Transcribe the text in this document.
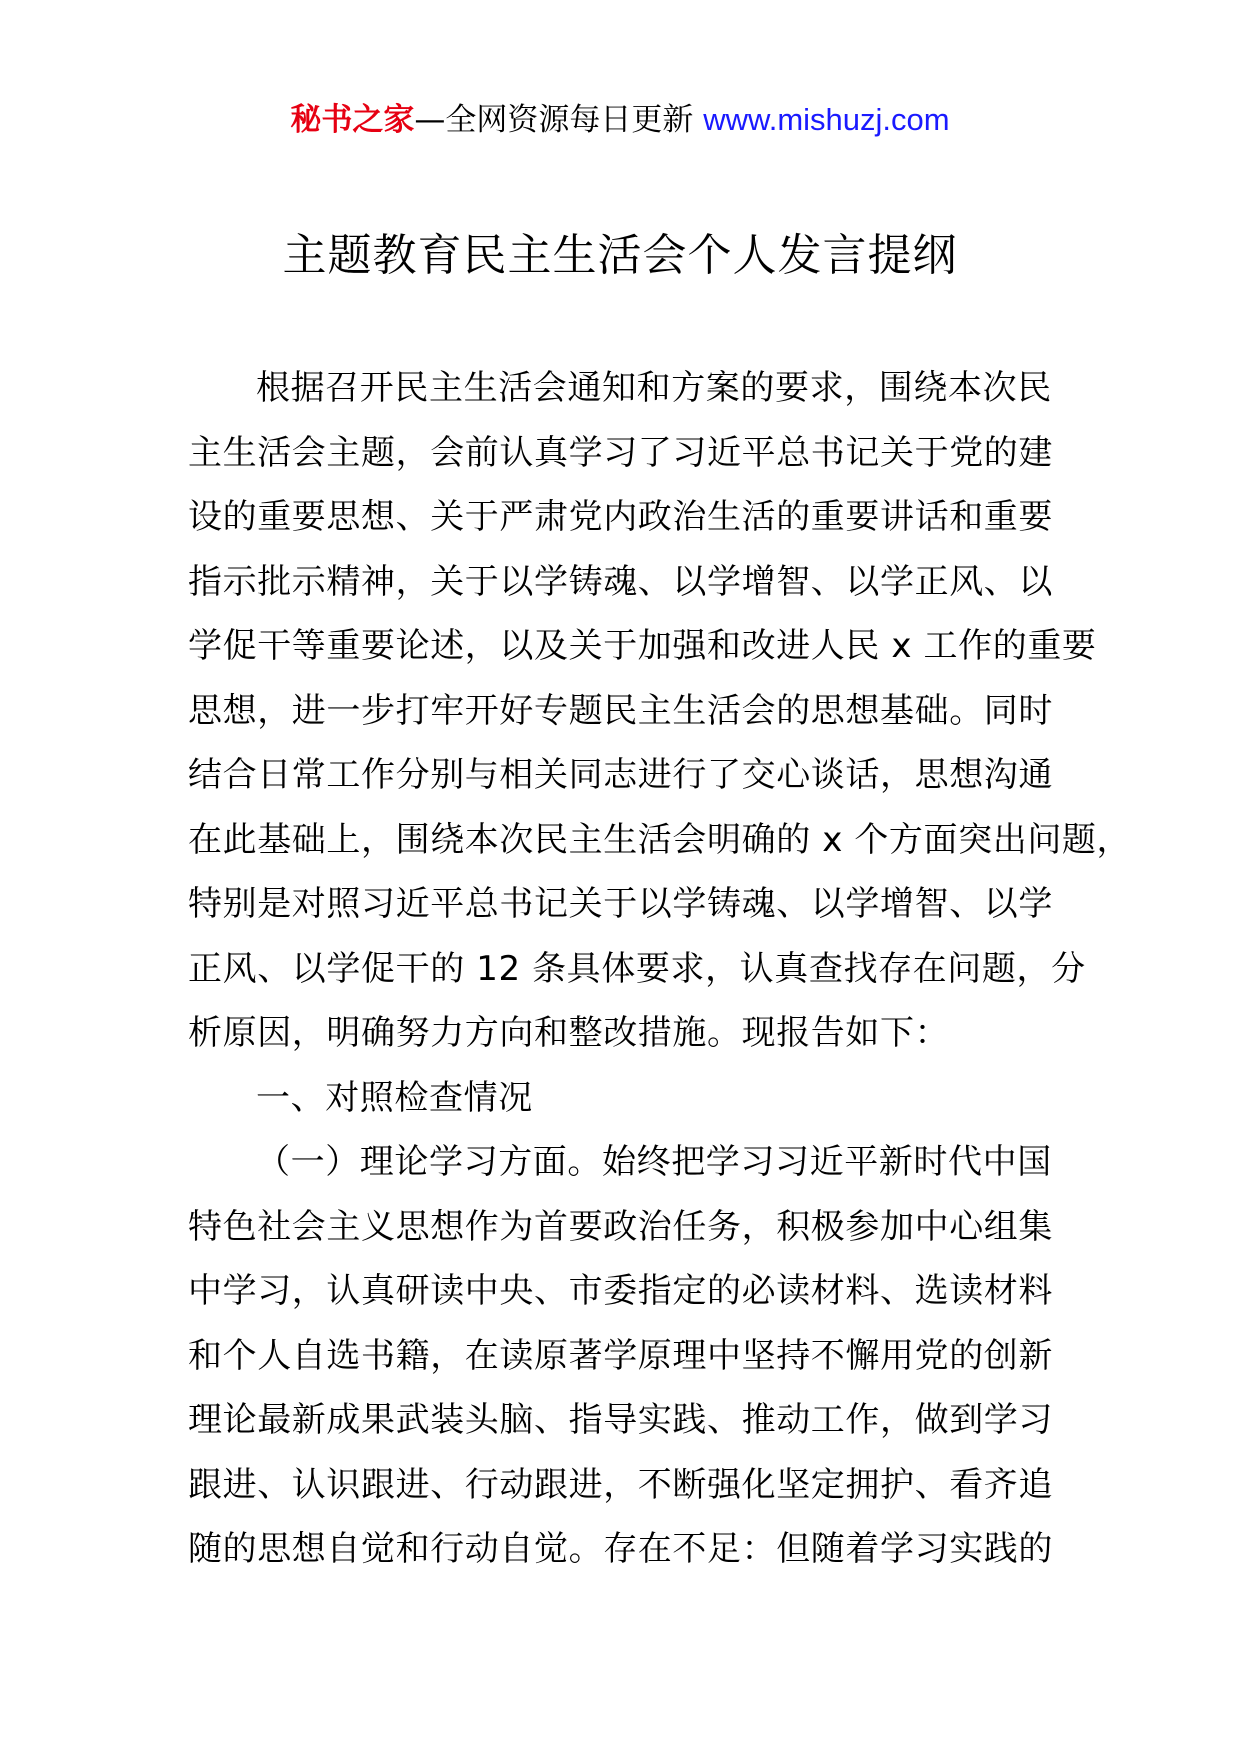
秘书之家—全网资源每日更新 www.mishuzj.com
主题教育民主生活会个人发言提纲
根据召开民主生活会通知和方案的要求，围绕本次民
主生活会主题，会前认真学习了习近平总书记关于党的建
设的重要思想、关于严肃党内政治生活的重要讲话和重要
指示批示精神，关于以学铸魂、以学增智、以学正风、以
学促干等重要论述，以及关于加强和改进人民 x 工作的重要
思想，进一步打牢开好专题民主生活会的思想基础。同时
结合日常工作分别与相关同志进行了交心谈话，思想沟通
在此基础上，围绕本次民主生活会明确的 x 个方面突出问题，
特别是对照习近平总书记关于以学铸魂、以学增智、以学
正风、以学促干的 12 条具体要求，认真查找存在问题，分
析原因，明确努力方向和整改措施。现报告如下：
一、对照检查情况
（一）理论学习方面。始终把学习习近平新时代中国
特色社会主义思想作为首要政治任务，积极参加中心组集
中学习，认真研读中央、市委指定的必读材料、选读材料
和个人自选书籍，在读原著学原理中坚持不懈用党的创新
理论最新成果武装头脑、指导实践、推动工作，做到学习
跟进、认识跟进、行动跟进，不断强化坚定拥护、看齐追
随的思想自觉和行动自觉。存在不足：但随着学习实践的
